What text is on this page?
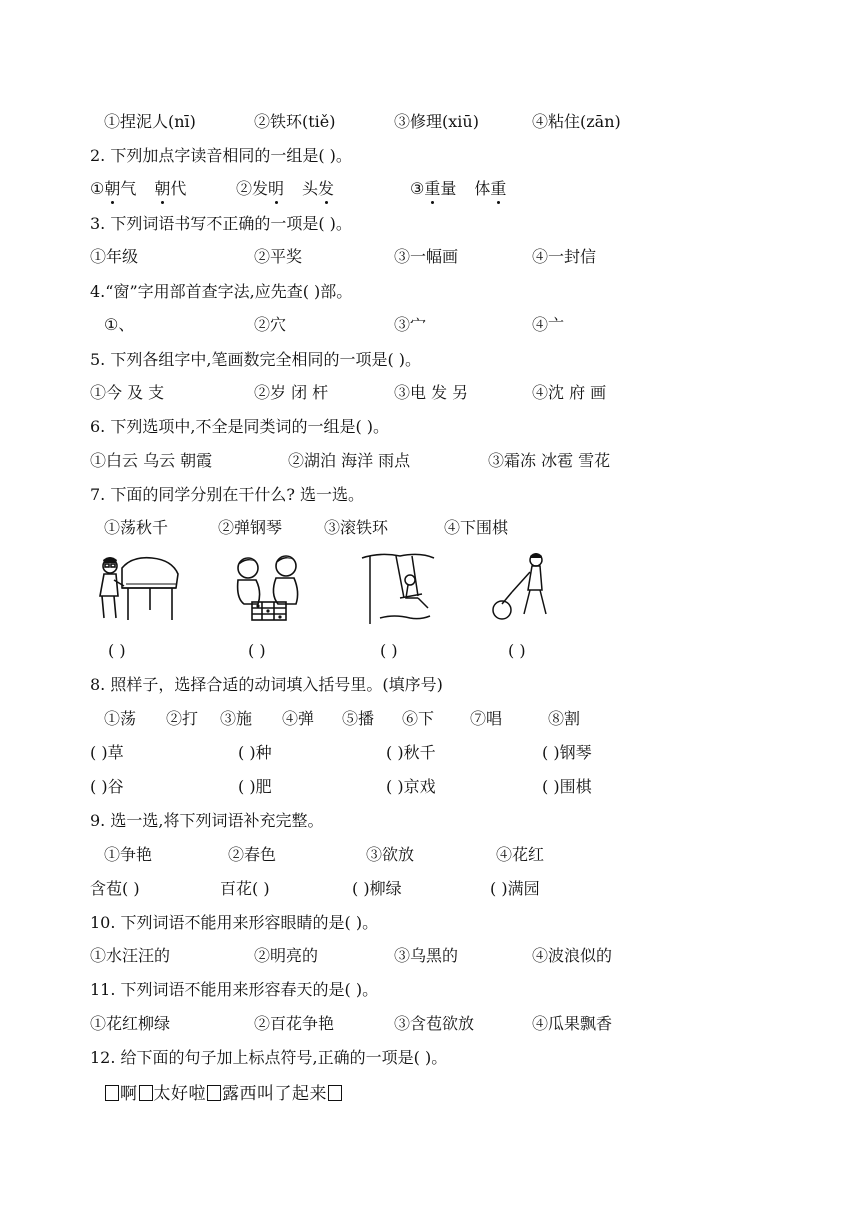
①捏泥人(nī)	②铁环(tiě)	③修理(xiū)	④粘住(zān)
2. 下列加点字读音相同的一组是( )。
①朝气 朝代	②发明 头发	③重量 体重
3. 下列词语书写不正确的一项是( )。
①年级	②平奖	③一幅画	④一封信
4.“窗”字用部首查字法,应先查( )部。
①、	②穴	③宀	④亠
5. 下列各组字中,笔画数完全相同的一项是( )。
①今 及 支	②岁 闭 杆	③电 发 另	④沈 府 画
6. 下列选项中,不全是同类词的一组是( )。
①白云 乌云 朝霞	②湖泊 海洋 雨点	③霜冻 冰雹 雪花
7. 下面的同学分别在干什么? 选一选。
①荡秋千	②弹钢琴	③滚铁环	④下围棋
( )	( )	( )	( )
8. 照样子，选择合适的动词填入括号里。(填序号)
①荡 ②打 ③施 ④弹 ⑤播 ⑥下 ⑦唱	⑧割
( )草	( )种	( )秋千	( )钢琴
( )谷	( )肥	( )京戏	( )围棋
9. 选一选,将下列词语补充完整。
①争艳	②春色	③欲放	④花红
含苞( )	百花( )	( )柳绿	( )满园
10. 下列词语不能用来形容眼睛的是( )。
①水汪汪的	②明亮的	③乌黑的	④波浪似的
11. 下列词语不能用来形容春天的是( )。
①花红柳绿	②百花争艳	③含苞欲放	④瓜果飘香
12. 给下面的句子加上标点符号,正确的一项是( )。
啊 太好啦 露西叫了起来
